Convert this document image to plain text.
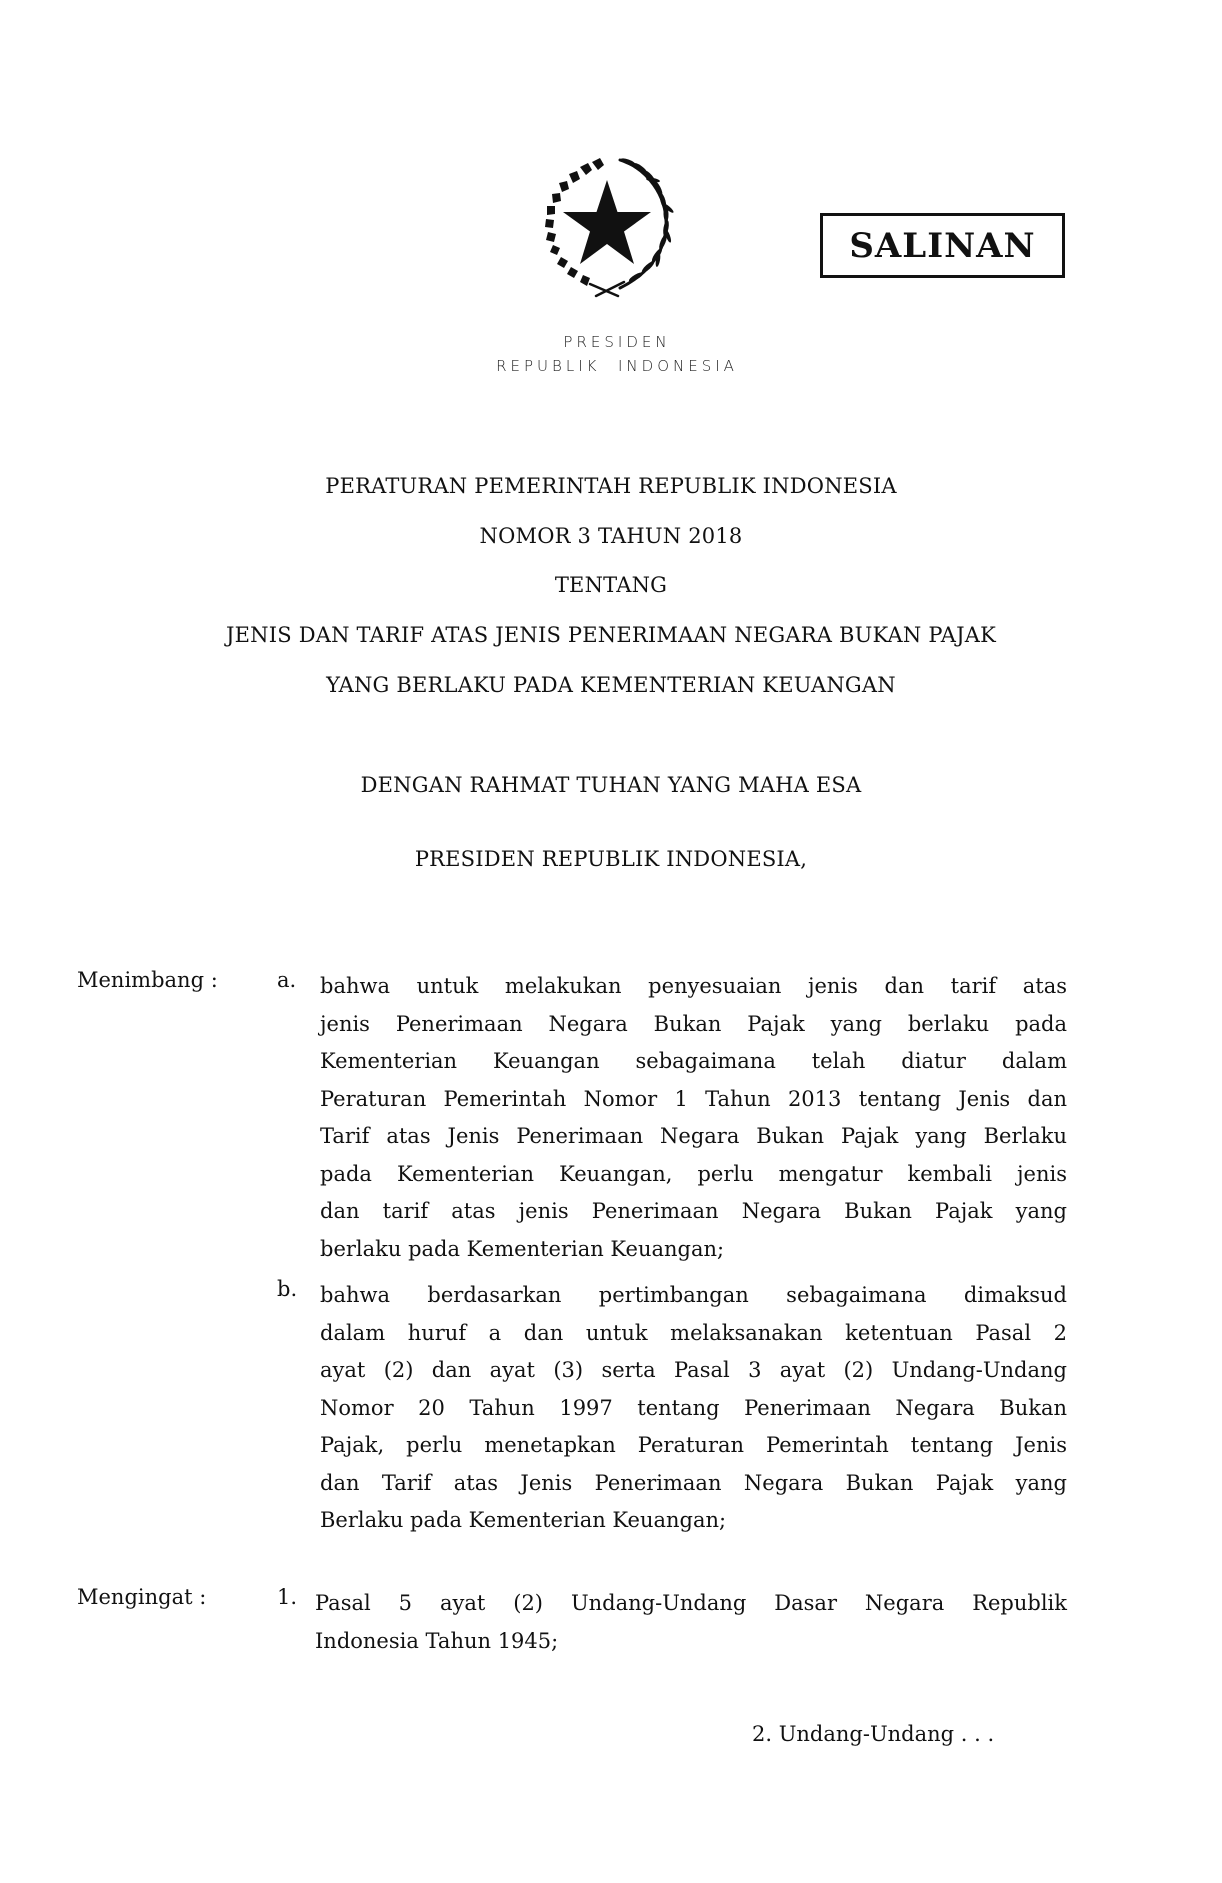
SALINAN
PRESIDEN
REPUBLIK  INDONESIA
PERATURAN PEMERINTAH REPUBLIK INDONESIA
NOMOR 3 TAHUN 2018
TENTANG
JENIS DAN TARIF ATAS JENIS PENERIMAAN NEGARA BUKAN PAJAK
YANG BERLAKU PADA KEMENTERIAN KEUANGAN
DENGAN RAHMAT TUHAN YANG MAHA ESA
PRESIDEN REPUBLIK INDONESIA,
Menimbang :	a. bahwa untuk melakukan penyesuaian jenis dan tarif atas
jenis Penerimaan Negara Bukan Pajak yang berlaku pada
Kementerian Keuangan sebagaimana telah diatur dalam
Peraturan Pemerintah Nomor 1 Tahun 2013 tentang Jenis dan
Tarif atas Jenis Penerimaan Negara Bukan Pajak yang Berlaku
pada Kementerian Keuangan, perlu mengatur kembali jenis
dan tarif atas jenis Penerimaan Negara Bukan Pajak yang
berlaku pada Kementerian Keuangan;
b. bahwa berdasarkan pertimbangan sebagaimana dimaksud
dalam huruf a dan untuk melaksanakan ketentuan Pasal 2
ayat (2) dan ayat (3) serta Pasal 3 ayat (2) Undang-Undang
Nomor 20 Tahun 1997 tentang Penerimaan Negara Bukan
Pajak, perlu menetapkan Peraturan Pemerintah tentang Jenis
dan Tarif atas Jenis Penerimaan Negara Bukan Pajak yang
Berlaku pada Kementerian Keuangan;
Mengingat :	1. Pasal 5 ayat (2) Undang-Undang Dasar Negara Republik
Indonesia Tahun 1945;
2. Undang-Undang . . .
